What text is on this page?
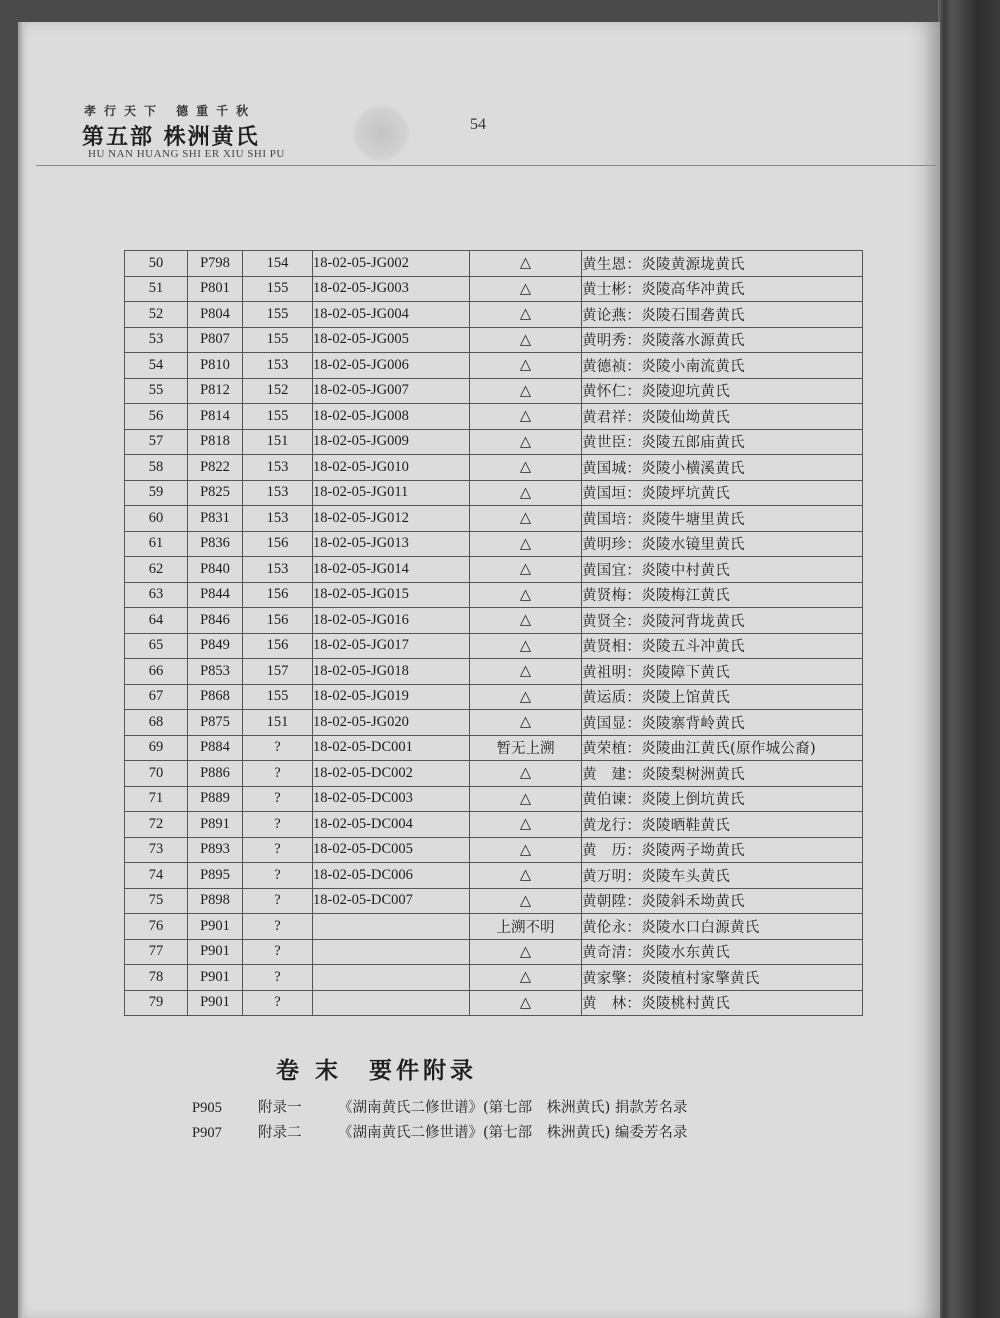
孝行天下 德重千秋
第五部 株洲黄氏
HU NAN HUANG SHI ER XIU SHI PU
54
50	P798	154	18-02-05-JG002	△	黄生恩：炎陵黄源垅黄氏
51	P801	155	18-02-05-JG003	△	黄士彬：炎陵高华冲黄氏
52	P804	155	18-02-05-JG004	△	黄论燕：炎陵石围砻黄氏
53	P807	155	18-02-05-JG005	△	黄明秀：炎陵落水源黄氏
54	P810	153	18-02-05-JG006	△	黄德祯：炎陵小南流黄氏
55	P812	152	18-02-05-JG007	△	黄怀仁：炎陵迎坑黄氏
56	P814	155	18-02-05-JG008	△	黄君祥：炎陵仙坳黄氏
57	P818	151	18-02-05-JG009	△	黄世臣：炎陵五郎庙黄氏
58	P822	153	18-02-05-JG010	△	黄国城：炎陵小横溪黄氏
59	P825	153	18-02-05-JG011	△	黄国垣：炎陵坪坑黄氏
60	P831	153	18-02-05-JG012	△	黄国培：炎陵牛塘里黄氏
61	P836	156	18-02-05-JG013	△	黄明珍：炎陵水镜里黄氏
62	P840	153	18-02-05-JG014	△	黄国宜：炎陵中村黄氏
63	P844	156	18-02-05-JG015	△	黄贤梅：炎陵梅江黄氏
64	P846	156	18-02-05-JG016	△	黄贤全：炎陵河背垅黄氏
65	P849	156	18-02-05-JG017	△	黄贤相：炎陵五斗冲黄氏
66	P853	157	18-02-05-JG018	△	黄祖明：炎陵障下黄氏
67	P868	155	18-02-05-JG019	△	黄运质：炎陵上馆黄氏
68	P875	151	18-02-05-JG020	△	黄国显：炎陵寨背岭黄氏
69	P884	?	18-02-05-DC001	暂无上溯	黄荣植：炎陵曲江黄氏(原作城公裔)
70	P886	?	18-02-05-DC002	△	黄　建：炎陵梨树洲黄氏
71	P889	?	18-02-05-DC003	△	黄伯谏：炎陵上倒坑黄氏
72	P891	?	18-02-05-DC004	△	黄龙行：炎陵晒鞋黄氏
73	P893	?	18-02-05-DC005	△	黄　历：炎陵两子坳黄氏
74	P895	?	18-02-05-DC006	△	黄万明：炎陵车头黄氏
75	P898	?	18-02-05-DC007	△	黄朝陞：炎陵斜禾坳黄氏
76	P901	?		上溯不明	黄伦永：炎陵水口白源黄氏
77	P901	?		△	黄奇清：炎陵水东黄氏
78	P901	?		△	黄家擎：炎陵植村家擎黄氏
79	P901	?		△	黄　林：炎陵桃村黄氏
卷 末　要件附录
P905 附录一	《湖南黄氏二修世谱》(第七部　株洲黄氏) 捐款芳名录
P907 附录二	《湖南黄氏二修世谱》(第七部　株洲黄氏) 编委芳名录
